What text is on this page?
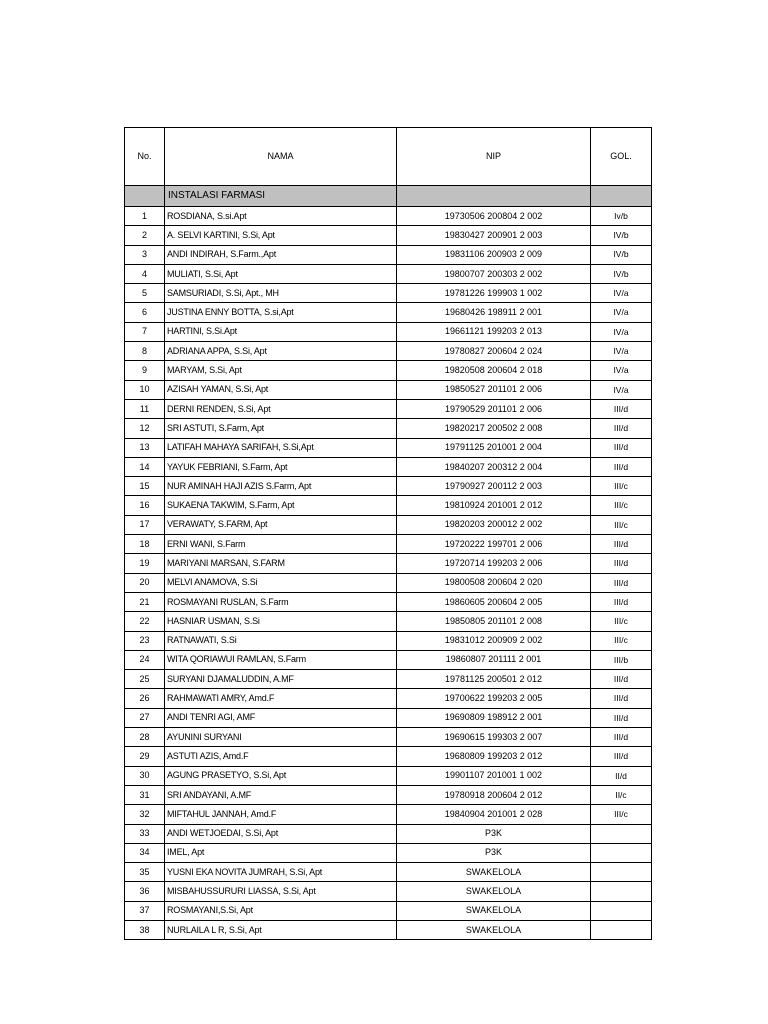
No.	NAMA	NIP	GOL.
	INSTALASI FARMASI		
1	ROSDIANA, S.si.Apt	19730506 200804 2 002	Iv/b
2	A. SELVI KARTINI, S.Si, Apt	19830427 200901 2 003	IV/b
3	ANDI INDIRAH, S.Farm.,Apt	19831106 200903 2 009	IV/b
4	MULIATI, S.Si, Apt	19800707 200303 2 002	IV/b
5	SAMSURIADI, S.Si, Apt., MH	19781226 199903 1 002	IV/a
6	JUSTINA ENNY BOTTA, S.si,Apt	19680426 198911 2 001	IV/a
7	HARTINI, S.Si.Apt	19661121 199203 2 013	IV/a
8	ADRIANA APPA, S.Si, Apt	19780827 200604 2 024	IV/a
9	MARYAM, S.Si, Apt	19820508 200604 2 018	IV/a
10	AZISAH YAMAN, S.Si, Apt	19850527 201101 2 006	IV/a
11	DERNI RENDEN, S.Si, Apt	19790529 201101 2 006	III/d
12	SRI ASTUTI, S.Farm, Apt	19820217 200502 2 008	III/d
13	LATIFAH MAHAYA SARIFAH, S.Si,Apt	19791125 201001 2 004	III/d
14	YAYUK FEBRIANI, S.Farm, Apt	19840207 200312 2 004	III/d
15	NUR AMINAH HAJI AZIS S.Farm, Apt	19790927 200112 2 003	III/c
16	SUKAENA TAKWIM, S.Farm, Apt	19810924 201001 2 012	III/c
17	VERAWATY, S.FARM, Apt	19820203 200012 2 002	III/c
18	ERNI WANI, S.Farm	19720222 199701 2 006	III/d
19	MARIYANI MARSAN, S.FARM	19720714 199203 2 006	III/d
20	MELVI ANAMOVA, S.Si	19800508 200604 2 020	III/d
21	ROSMAYANI RUSLAN, S.Farm	19860605 200604 2 005	III/d
22	HASNIAR USMAN, S.Si	19850805 201101 2 008	III/c
23	RATNAWATI, S.Si	19831012 200909 2 002	III/c
24	WITA QORIAWUI RAMLAN, S.Farm	19860807 201111 2 001	III/b
25	SURYANI DJAMALUDDIN, A.MF	19781125 200501 2 012	III/d
26	RAHMAWATI AMRY, Amd.F	19700622 199203 2 005	III/d
27	ANDI TENRI AGI, AMF	19690809 198912 2 001	III/d
28	AYUNINI SURYANI	19690615 199303 2 007	III/d
29	ASTUTI AZIS, Amd.F	19680809 199203 2 012	III/d
30	AGUNG PRASETYO, S.Si, Apt	19901107 201001 1 002	II/d
31	SRI ANDAYANI, A.MF	19780918 200604 2 012	II/c
32	MIFTAHUL JANNAH, Amd.F	19840904 201001 2 028	III/c
33	ANDI WETJOEDAI, S.Si, Apt	P3K	
34	IMEL, Apt	P3K	
35	YUSNI EKA NOVITA JUMRAH, S.Si, Apt	SWAKELOLA	
36	MISBAHUSSURURI LIASSA, S.Si, Apt	SWAKELOLA	
37	ROSMAYANI,S.Si, Apt	SWAKELOLA	
38	NURLAILA L R, S.Si, Apt	SWAKELOLA	
